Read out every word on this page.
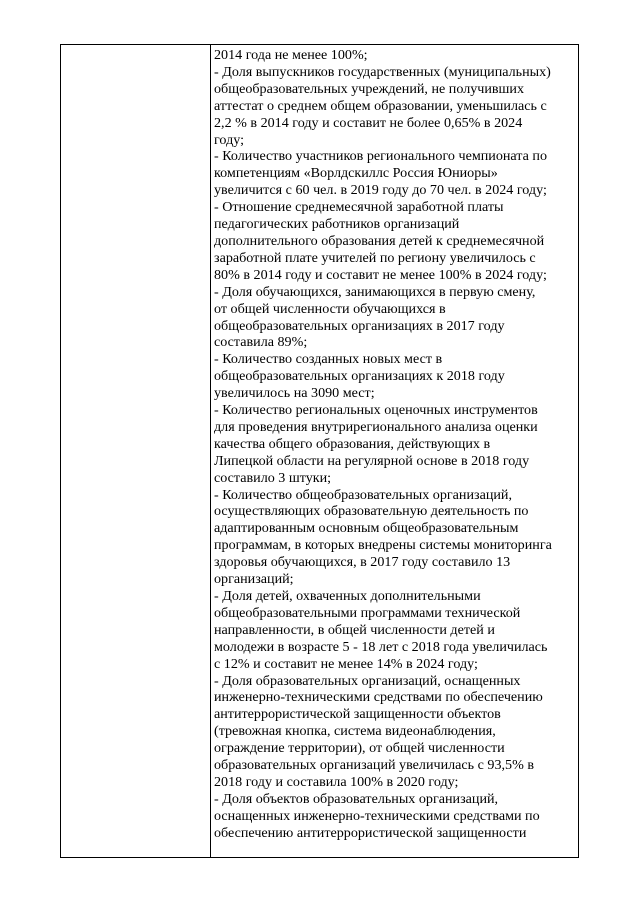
2014 года не менее 100%;
- Доля выпускников государственных (муниципальных)
общеобразовательных учреждений, не получивших
аттестат о среднем общем образовании, уменьшилась с
2,2 % в 2014 году и составит не более 0,65% в 2024
году;
- Количество участников регионального чемпионата по
компетенциям «Ворлдскиллс Россия Юниоры»
увеличится с 60 чел. в 2019 году до 70 чел. в 2024 году;
- Отношение среднемесячной заработной платы
педагогических работников организаций
дополнительного образования детей к среднемесячной
заработной плате учителей по региону увеличилось с
80% в 2014 году и составит не менее 100% в 2024 году;
- Доля обучающихся, занимающихся в первую смену,
от общей численности обучающихся в
общеобразовательных организациях в 2017 году
составила 89%;
- Количество созданных новых мест в
общеобразовательных организациях к 2018 году
увеличилось на 3090 мест;
- Количество региональных оценочных инструментов
для проведения внутрирегионального анализа оценки
качества общего образования, действующих в
Липецкой области на регулярной основе в 2018 году
составило 3 штуки;
- Количество общеобразовательных организаций,
осуществляющих образовательную деятельность по
адаптированным основным общеобразовательным
программам, в которых внедрены системы мониторинга
здоровья обучающихся, в 2017 году составило 13
организаций;
- Доля детей, охваченных дополнительными
общеобразовательными программами технической
направленности, в общей численности детей и
молодежи в возрасте 5 - 18 лет с 2018 года увеличилась
с 12% и составит не менее 14% в 2024 году;
- Доля образовательных организаций, оснащенных
инженерно-техническими средствами по обеспечению
антитеррористической защищенности объектов
(тревожная кнопка, система видеонаблюдения,
ограждение территории), от общей численности
образовательных организаций увеличилась с 93,5% в
2018 году и составила 100% в 2020 году;
- Доля объектов образовательных организаций,
оснащенных инженерно-техническими средствами по
обеспечению антитеррористической защищенности
